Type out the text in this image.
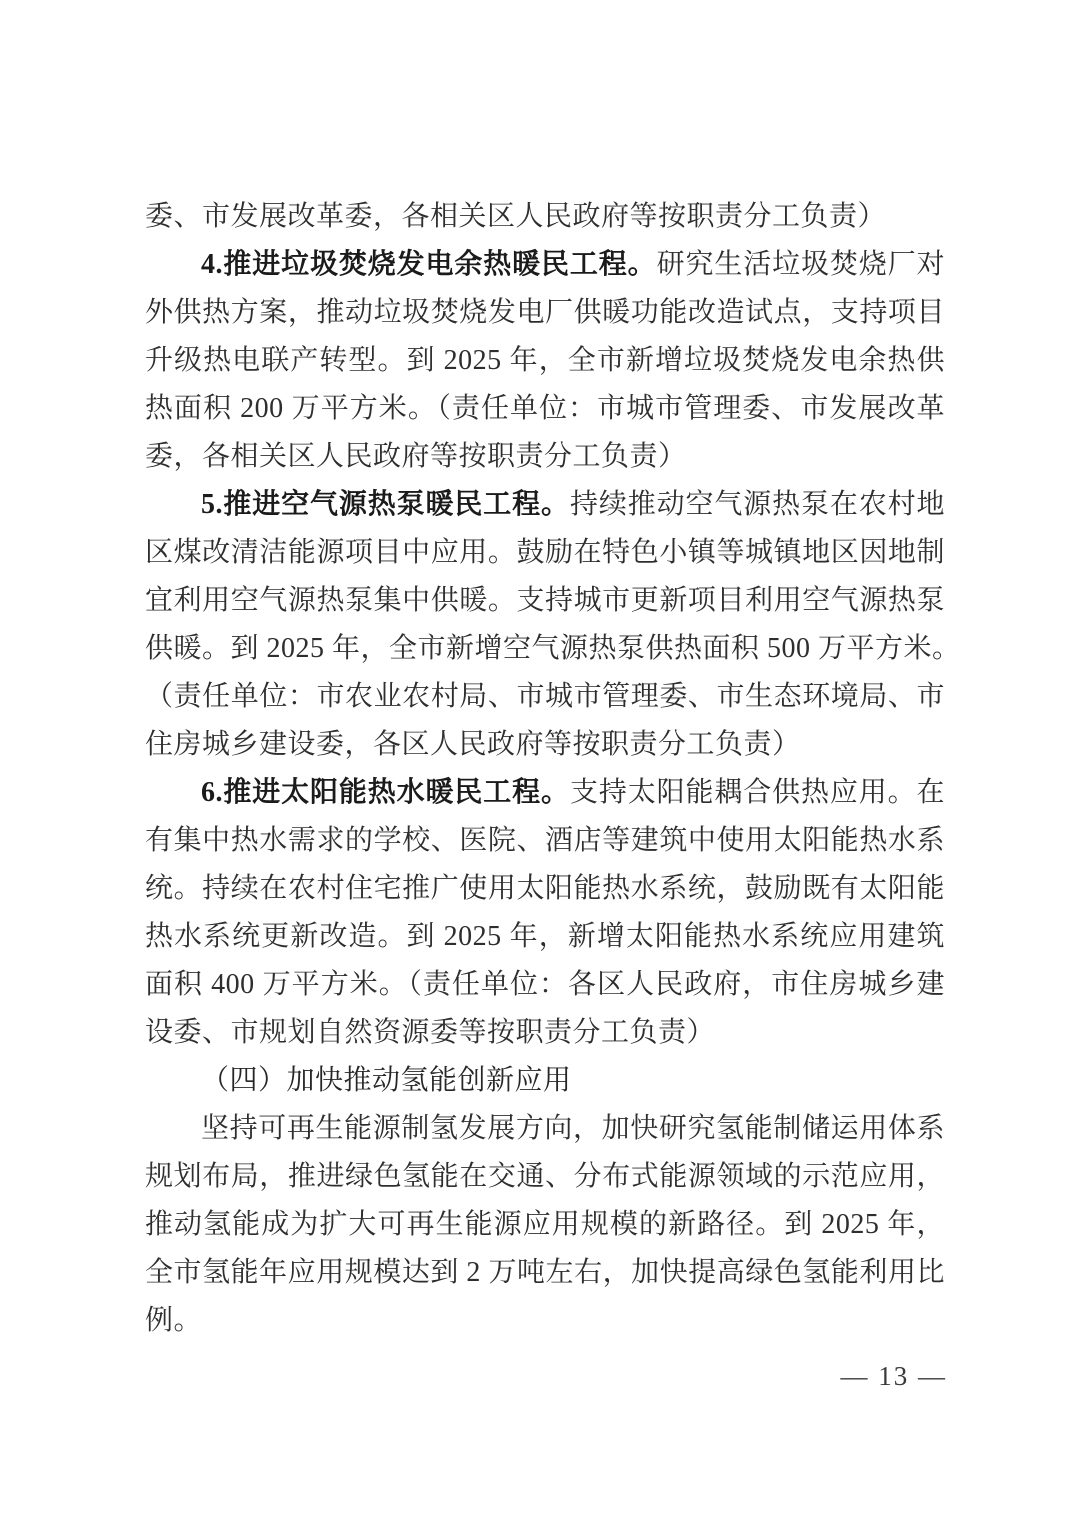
委、市发展改革委，各相关区人民政府等按职责分工负责）
4.推进垃圾焚烧发电余热暖民工程。研究生活垃圾焚烧厂对
外供热方案，推动垃圾焚烧发电厂供暖功能改造试点，支持项目
升级热电联产转型。到 2025 年，全市新增垃圾焚烧发电余热供
热面积 200 万平方米。（责任单位：市城市管理委、市发展改革
委，各相关区人民政府等按职责分工负责）
5.推进空气源热泵暖民工程。持续推动空气源热泵在农村地
区煤改清洁能源项目中应用。鼓励在特色小镇等城镇地区因地制
宜利用空气源热泵集中供暖。支持城市更新项目利用空气源热泵
供暖。到 2025 年，全市新增空气源热泵供热面积 500 万平方米。
（责任单位：市农业农村局、市城市管理委、市生态环境局、市
住房城乡建设委，各区人民政府等按职责分工负责）
6.推进太阳能热水暖民工程。支持太阳能耦合供热应用。在
有集中热水需求的学校、医院、酒店等建筑中使用太阳能热水系
统。持续在农村住宅推广使用太阳能热水系统，鼓励既有太阳能
热水系统更新改造。到 2025 年，新增太阳能热水系统应用建筑
面积 400 万平方米。（责任单位：各区人民政府，市住房城乡建
设委、市规划自然资源委等按职责分工负责）
（四）加快推动氢能创新应用
坚持可再生能源制氢发展方向，加快研究氢能制储运用体系
规划布局，推进绿色氢能在交通、分布式能源领域的示范应用，
推动氢能成为扩大可再生能源应用规模的新路径。到 2025 年，
全市氢能年应用规模达到 2 万吨左右，加快提高绿色氢能利用比
例。
— 13 —
